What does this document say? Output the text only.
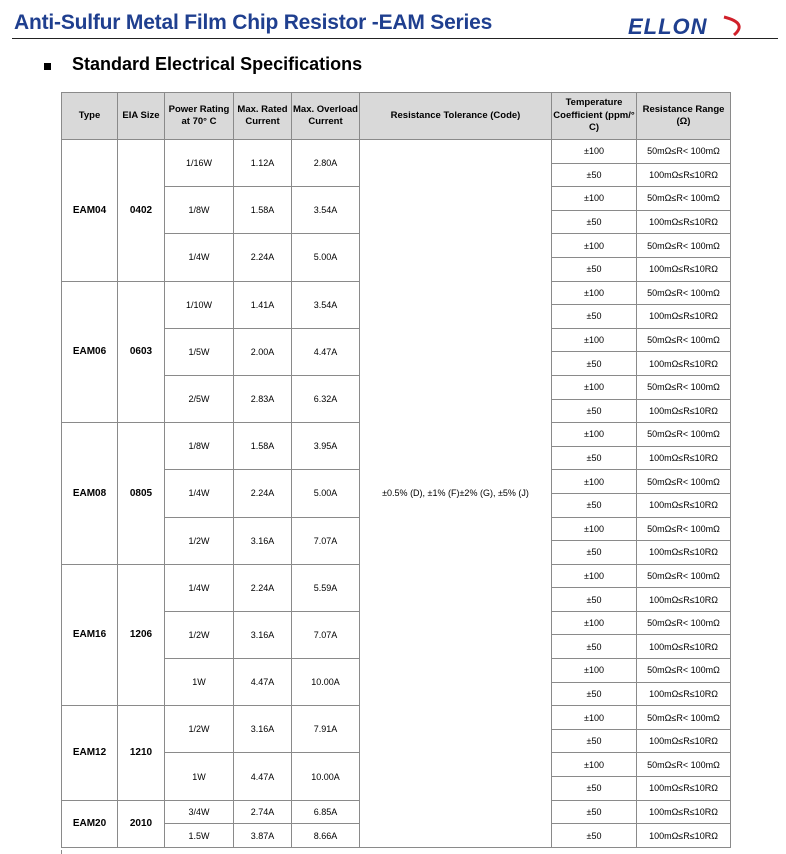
Anti-Sulfur Metal Film Chip Resistor -EAM Series	ELLON
Standard Electrical Specifications
Type	EIA Size	Power Rating at 70° C	Max. Rated Current	Max. Overload Current	Resistance Tolerance (Code)	Temperature Coefficient (ppm/° C)	Resistance Range (Ω)
EAM04	0402	1/16W	1.12A	2.80A	±0.5% (D), ±1% (F)±2% (G), ±5% (J)	±100	50mΩ≤R< 100mΩ
						±50	100mΩ≤R≤10RΩ
		1/8W	1.58A	3.54A		±100	50mΩ≤R< 100mΩ
						±50	100mΩ≤R≤10RΩ
		1/4W	2.24A	5.00A		±100	50mΩ≤R< 100mΩ
						±50	100mΩ≤R≤10RΩ
EAM06	0603	1/10W	1.41A	3.54A		±100	50mΩ≤R< 100mΩ
						±50	100mΩ≤R≤10RΩ
		1/5W	2.00A	4.47A		±100	50mΩ≤R< 100mΩ
						±50	100mΩ≤R≤10RΩ
		2/5W	2.83A	6.32A		±100	50mΩ≤R< 100mΩ
						±50	100mΩ≤R≤10RΩ
EAM08	0805	1/8W	1.58A	3.95A		±100	50mΩ≤R< 100mΩ
						±50	100mΩ≤R≤10RΩ
		1/4W	2.24A	5.00A		±100	50mΩ≤R< 100mΩ
						±50	100mΩ≤R≤10RΩ
		1/2W	3.16A	7.07A		±100	50mΩ≤R< 100mΩ
						±50	100mΩ≤R≤10RΩ
EAM16	1206	1/4W	2.24A	5.59A		±100	50mΩ≤R< 100mΩ
						±50	100mΩ≤R≤10RΩ
		1/2W	3.16A	7.07A		±100	50mΩ≤R< 100mΩ
						±50	100mΩ≤R≤10RΩ
		1W	4.47A	10.00A		±100	50mΩ≤R< 100mΩ
						±50	100mΩ≤R≤10RΩ
EAM12	1210	1/2W	3.16A	7.91A		±100	50mΩ≤R< 100mΩ
						±50	100mΩ≤R≤10RΩ
		1W	4.47A	10.00A		±100	50mΩ≤R< 100mΩ
						±50	100mΩ≤R≤10RΩ
EAM20	2010	3/4W	2.74A	6.85A		±50	100mΩ≤R≤10RΩ
		1.5W	3.87A	8.66A		±50	100mΩ≤R≤10RΩ
